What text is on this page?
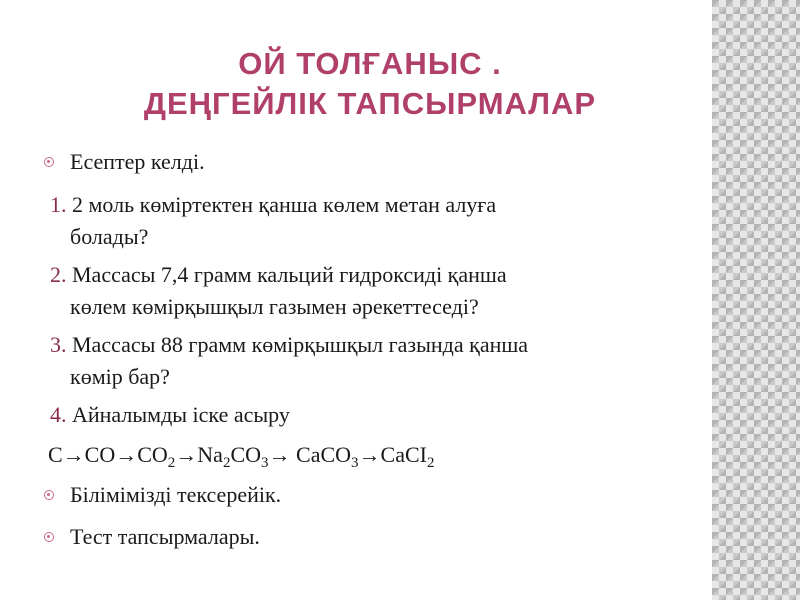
ОЙ ТОЛҒАНЫС .
ДЕҢГЕЙЛІК ТАПСЫРМАЛАР
Есептер келді.
1. 2 моль көміртектен қанша көлем метан алуға
болады?
2. Массасы 7,4 грамм кальций гидроксиді қанша
көлем көмірқышқыл газымен әрекеттеседі?
3. Массасы 88 грамм көмірқышқыл газында қанша
көмір бар?
4. Айналымды іске асыру
$C\to CO\to CO_2\to Na_2CO_3\to$ CaCO$_3$→CaCI$_2$
Білімімізді тексерейік.
Тест тапсырмалары.
